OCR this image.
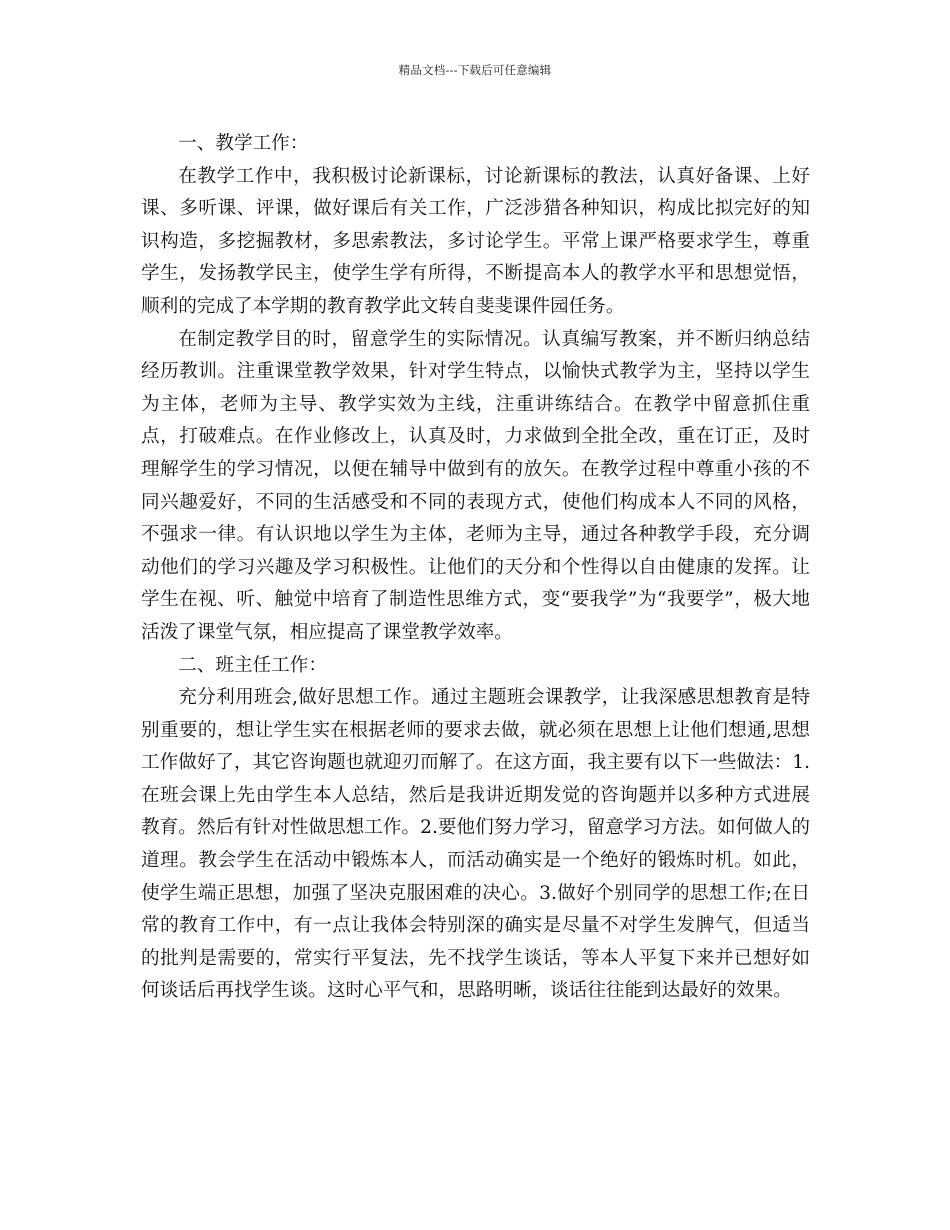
精品文档---下载后可任意编辑

一、教学工作：

在教学工作中，我积极讨论新课标，讨论新课标的教法，认真好备课、上好课、多听课、评课，做好课后有关工作，广泛涉猎各种知识，构成比拟完好的知识构造，多挖掘教材，多思索教法，多讨论学生。平常上课严格要求学生，尊重学生，发扬教学民主，使学生学有所得，不断提高本人的教学水平和思想觉悟，顺利的完成了本学期的教育教学此文转自斐斐课件园任务。

在制定教学目的时，留意学生的实际情况。认真编写教案，并不断归纳总结经历教训。注重课堂教学效果，针对学生特点，以愉快式教学为主，坚持以学生为主体，老师为主导、教学实效为主线，注重讲练结合。在教学中留意抓住重点，打破难点。在作业修改上，认真及时，力求做到全批全改，重在订正，及时理解学生的学习情况，以便在辅导中做到有的放矢。在教学过程中尊重小孩的不同兴趣爱好，不同的生活感受和不同的表现方式，使他们构成本人不同的风格，不强求一律。有认识地以学生为主体，老师为主导，通过各种教学手段，充分调动他们的学习兴趣及学习积极性。让他们的天分和个性得以自由健康的发挥。让学生在视、听、触觉中培育了制造性思维方式，变“要我学”为“我要学”，极大地活泼了课堂气氛，相应提高了课堂教学效率。

二、班主任工作：

充分利用班会,做好思想工作。通过主题班会课教学，让我深感思想教育是特别重要的，想让学生实在根据老师的要求去做，就必须在思想上让他们想通,思想工作做好了，其它咨询题也就迎刃而解了。在这方面，我主要有以下一些做法：1.在班会课上先由学生本人总结，然后是我讲近期发觉的咨询题并以多种方式进展教育。然后有针对性做思想工作。2.要他们努力学习，留意学习方法。如何做人的道理。教会学生在活动中锻炼本人，而活动确实是一个绝好的锻炼时机。如此，使学生端正思想，加强了坚决克服困难的决心。3.做好个别同学的思想工作;在日常的教育工作中，有一点让我体会特别深的确实是尽量不对学生发脾气，但适当的批判是需要的，常实行平复法，先不找学生谈话，等本人平复下来并已想好如何谈话后再找学生谈。这时心平气和，思路明晰，谈话往往能到达最好的效果。
